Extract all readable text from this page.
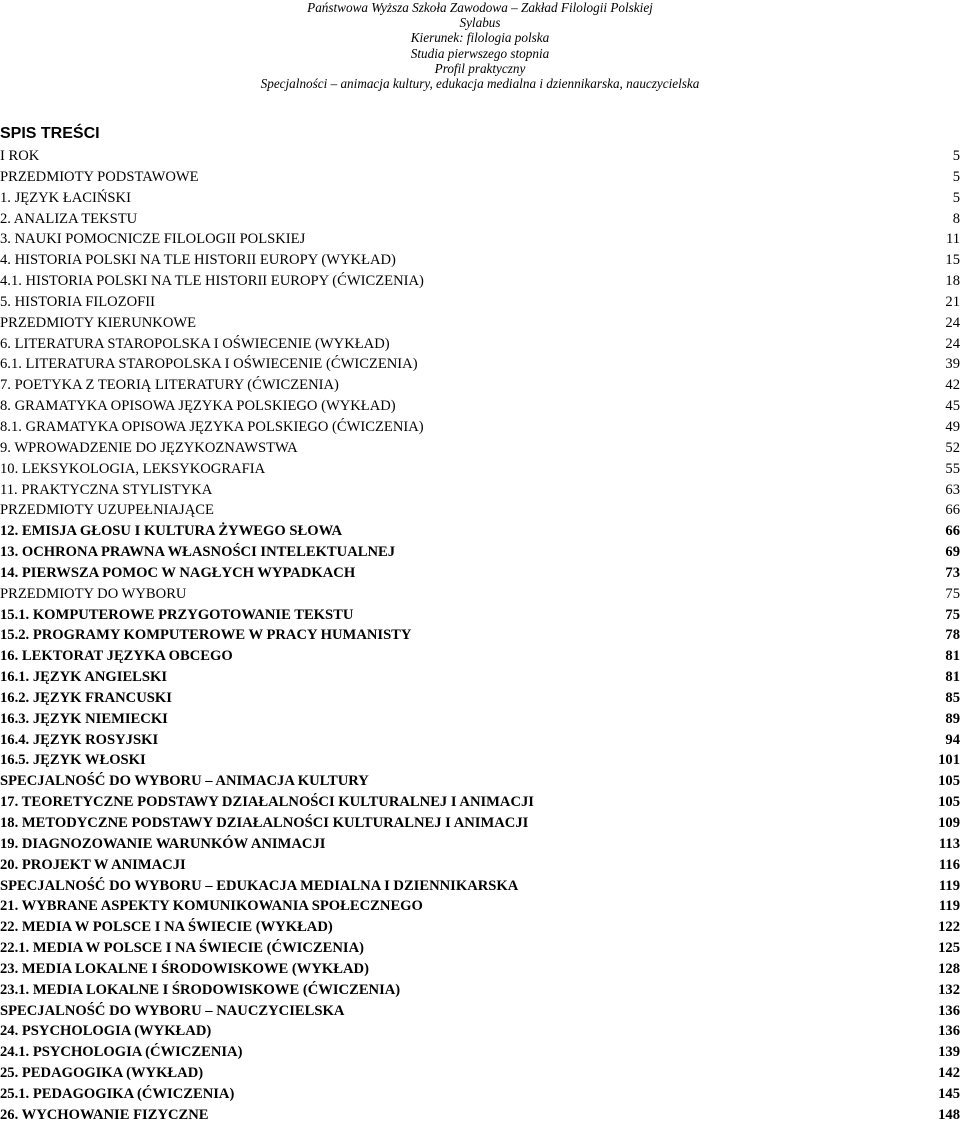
Państwowa Wyższa Szkoła Zawodowa – Zakład Filologii Polskiej
Sylabus
Kierunek: filologia polska
Studia pierwszego stopnia
Profil praktyczny
Specjalności – animacja kultury, edukacja medialna i dziennikarska, nauczycielska
SPIS TREŚCI
I ROK	5
PRZEDMIOTY PODSTAWOWE	5
1. JĘZYK ŁACIŃSKI	5
2. ANALIZA TEKSTU	8
3. NAUKI POMOCNICZE FILOLOGII POLSKIEJ	11
4. HISTORIA POLSKI NA TLE HISTORII EUROPY (WYKŁAD)	15
4.1. HISTORIA POLSKI NA TLE HISTORII EUROPY (ĆWICZENIA)	18
5. HISTORIA FILOZOFII	21
PRZEDMIOTY KIERUNKOWE	24
6. LITERATURA STAROPOLSKA I OŚWIECENIE (WYKŁAD)	24
6.1. LITERATURA STAROPOLSKA I OŚWIECENIE (ĆWICZENIA)	39
7. POETYKA Z TEORIĄ LITERATURY (ĆWICZENIA)	42
8. GRAMATYKA OPISOWA JĘZYKA POLSKIEGO (WYKŁAD)	45
8.1. GRAMATYKA OPISOWA JĘZYKA POLSKIEGO (ĆWICZENIA)	49
9. WPROWADZENIE DO JĘZYKOZNAWSTWA	52
10. LEKSYKOLOGIA, LEKSYKOGRAFIA	55
11. PRAKTYCZNA STYLISTYKA	63
PRZEDMIOTY UZUPEŁNIAJĄCE	66
12. EMISJA GŁOSU I KULTURA ŻYWEGO SŁOWA	66
13. OCHRONA PRAWNA WŁASNOŚCI INTELEKTUALNEJ	69
14. PIERWSZA POMOC W NAGŁYCH WYPADKACH	73
PRZEDMIOTY DO WYBORU	75
15.1. KOMPUTEROWE PRZYGOTOWANIE TEKSTU	75
15.2. PROGRAMY KOMPUTEROWE W PRACY HUMANISTY	78
16. LEKTORAT JĘZYKA OBCEGO	81
16.1. JĘZYK ANGIELSKI	81
16.2. JĘZYK FRANCUSKI	85
16.3. JĘZYK NIEMIECKI	89
16.4. JĘZYK ROSYJSKI	94
16.5. JĘZYK WŁOSKI	101
SPECJALNOŚĆ DO WYBORU – ANIMACJA KULTURY	105
17. TEORETYCZNE PODSTAWY DZIAŁALNOŚCI KULTURALNEJ I ANIMACJI	105
18. METODYCZNE PODSTAWY DZIAŁALNOŚCI KULTURALNEJ I ANIMACJI	109
19. DIAGNOZOWANIE WARUNKÓW ANIMACJI	113
20. PROJEKT W ANIMACJI	116
SPECJALNOŚĆ DO WYBORU – EDUKACJA MEDIALNA I DZIENNIKARSKA	119
21. WYBRANE ASPEKTY KOMUNIKOWANIA SPOŁECZNEGO	119
22. MEDIA W POLSCE I NA ŚWIECIE (WYKŁAD)	122
22.1. MEDIA W POLSCE I NA ŚWIECIE (ĆWICZENIA)	125
23. MEDIA LOKALNE I ŚRODOWISKOWE (WYKŁAD)	128
23.1. MEDIA LOKALNE I ŚRODOWISKOWE (ĆWICZENIA)	132
SPECJALNOŚĆ DO WYBORU – NAUCZYCIELSKA	136
24. PSYCHOLOGIA (WYKŁAD)	136
24.1. PSYCHOLOGIA (ĆWICZENIA)	139
25. PEDAGOGIKA (WYKŁAD)	142
25.1. PEDAGOGIKA (ĆWICZENIA)	145
26. WYCHOWANIE FIZYCZNE	148
